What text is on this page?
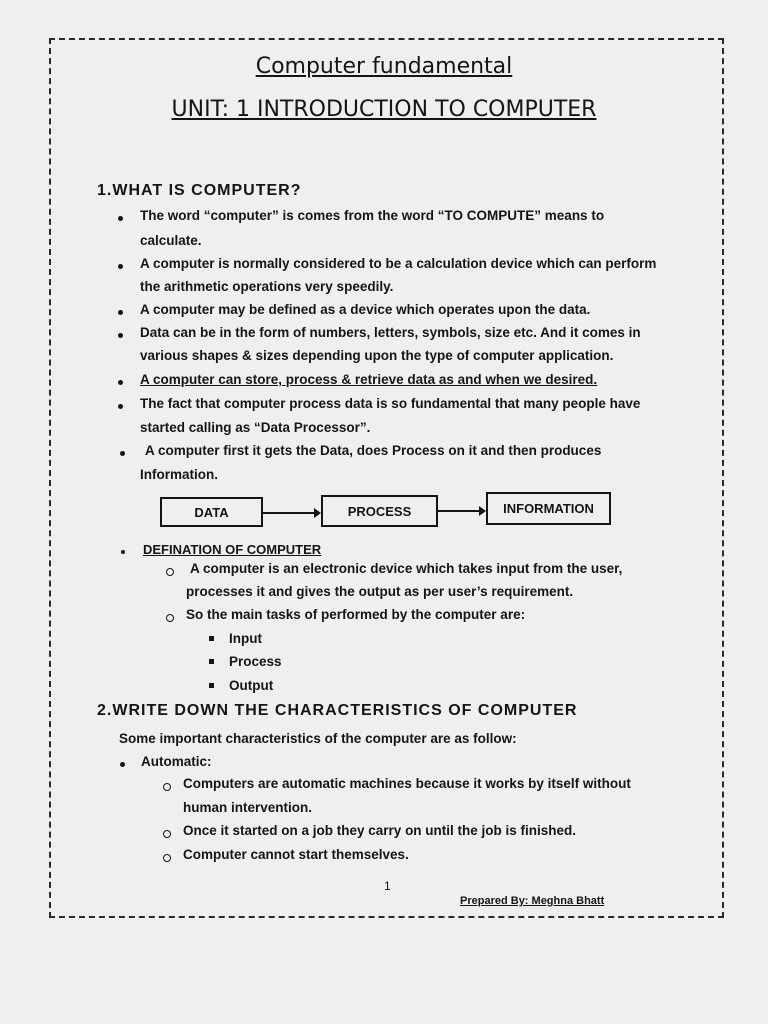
Computer fundamental
UNIT: 1 INTRODUCTION TO COMPUTER
1.WHAT IS COMPUTER?
The word “computer” is comes from the word “TO COMPUTE” means to
calculate.
A computer is normally considered to be a calculation device which can perform
the arithmetic operations very speedily.
A computer may be defined as a device which operates upon the data.
Data can be in the form of numbers, letters, symbols, size etc. And it comes in
various shapes & sizes depending upon the type of computer application.
A computer can store, process & retrieve data as and when we desired.
The fact that computer process data is so fundamental that many people have
started calling as “Data Processor”.
A computer first it gets the Data, does Process on it and then produces
Information.
DATA	PROCESS	INFORMATION
DEFINATION OF COMPUTER
A computer is an electronic device which takes input from the user,
processes it and gives the output as per user’s requirement.
So the main tasks of performed by the computer are:
Input
Process
Output
2.WRITE DOWN THE CHARACTERISTICS OF COMPUTER
Some important characteristics of the computer are as follow:
Automatic:
Computers are automatic machines because it works by itself without
human intervention.
Once it started on a job they carry on until the job is finished.
Computer cannot start themselves.
1
Prepared By: Meghna Bhatt
